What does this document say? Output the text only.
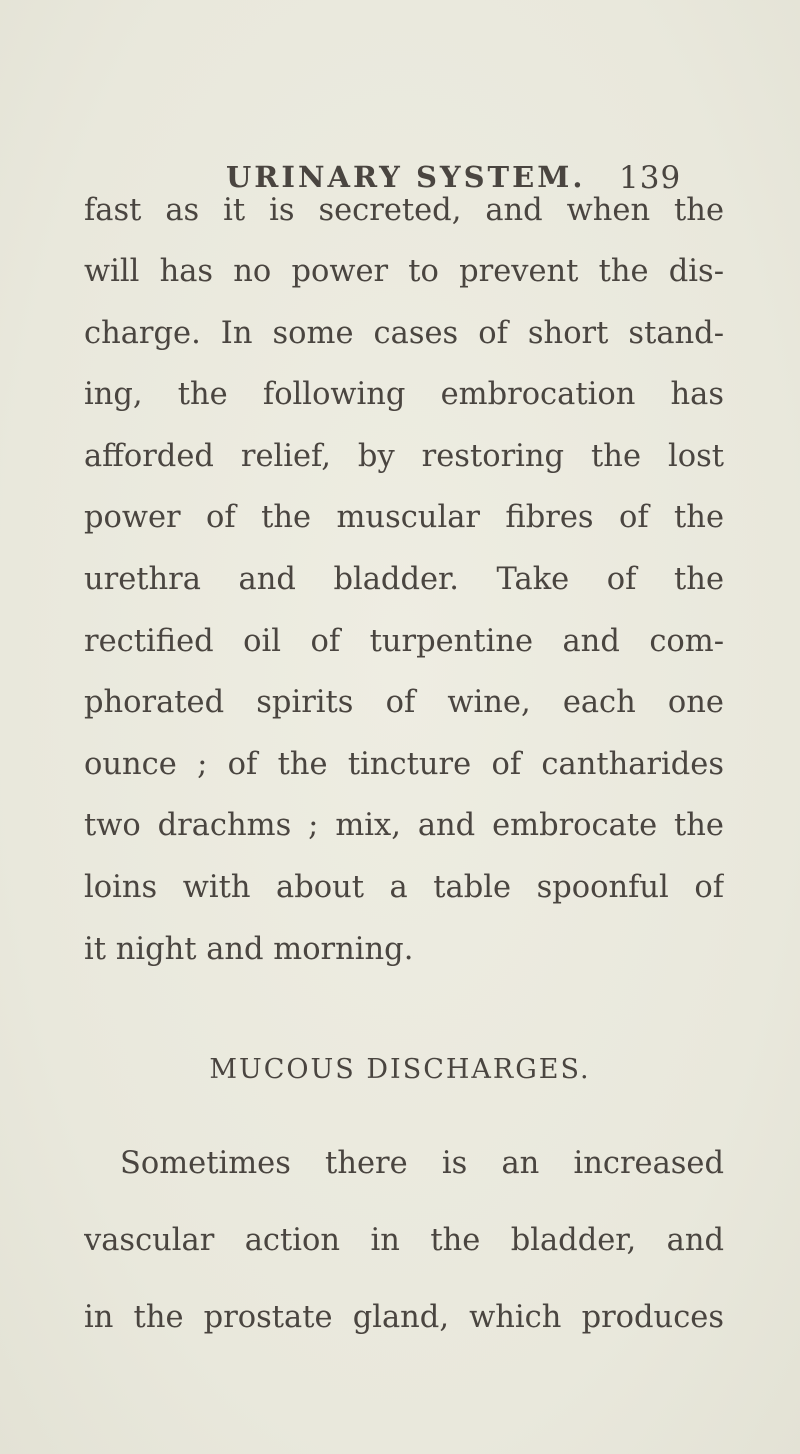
URINARY SYSTEM. 139
fast as it is secreted, and when the
will has no power to prevent the dis-
charge. In some cases of short stand-
ing, the following embrocation has
afforded relief, by restoring the lost
power of the muscular fibres of the
urethra and bladder. Take of the
rectified oil of turpentine and com-
phorated spirits of wine, each one
ounce ; of the tincture of cantharides
two drachms ; mix, and embrocate the
loins with about a table spoonful of
it night and morning.
MUCOUS DISCHARGES.
Sometimes there is an increased
vascular action in the bladder, and
in the prostate gland, which produces
